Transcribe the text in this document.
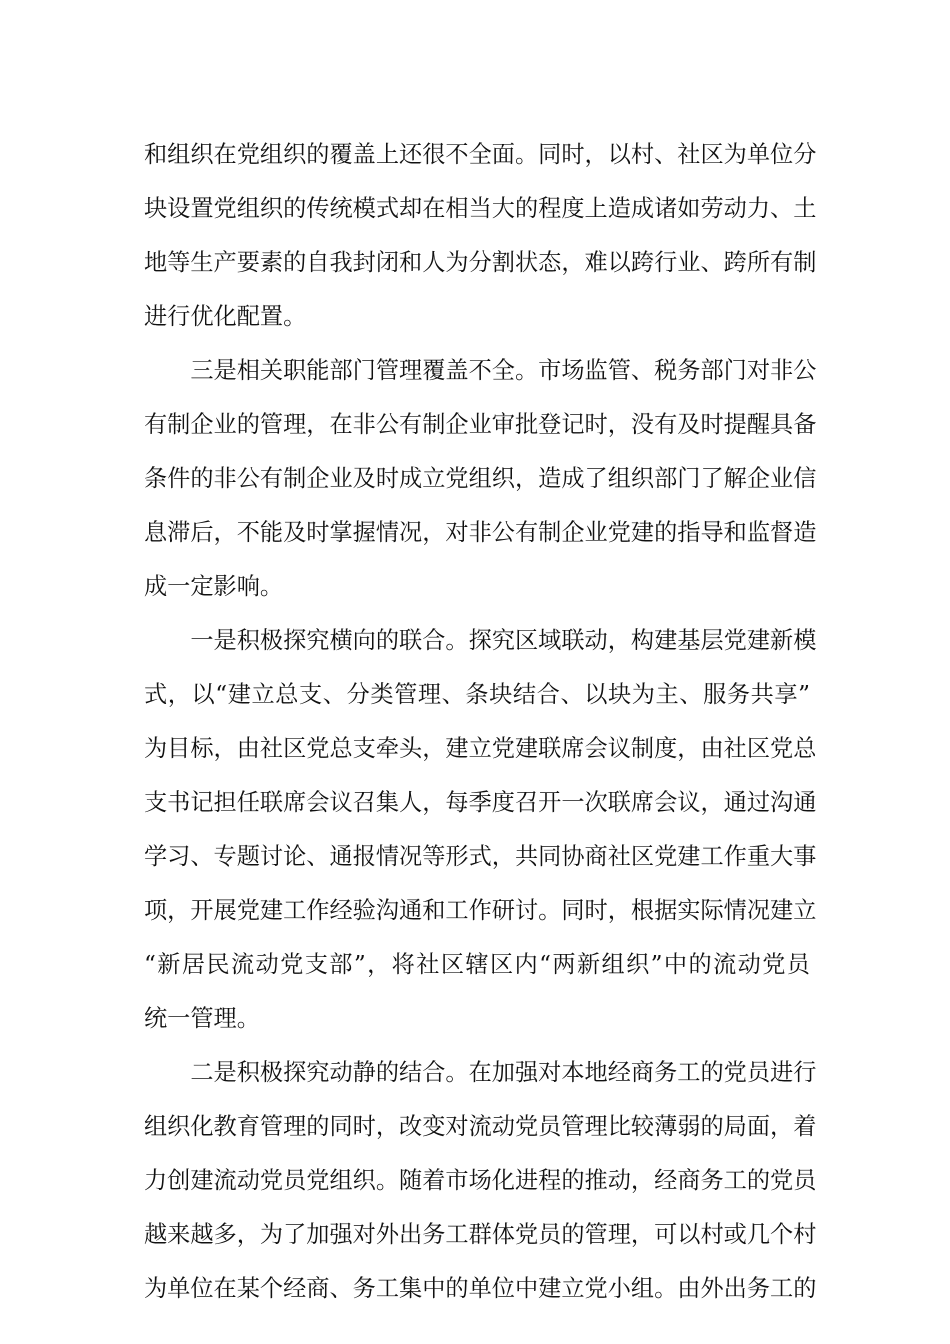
和组织在党组织的覆盖上还很不全面。同时，以村、社区为单位分
块设置党组织的传统模式却在相当大的程度上造成诸如劳动力、土
地等生产要素的自我封闭和人为分割状态，难以跨行业、跨所有制
进行优化配置。
　　三是相关职能部门管理覆盖不全。市场监管、税务部门对非公
有制企业的管理，在非公有制企业审批登记时，没有及时提醒具备
条件的非公有制企业及时成立党组织，造成了组织部门了解企业信
息滞后，不能及时掌握情况，对非公有制企业党建的指导和监督造
成一定影响。
　　一是积极探究横向的联合。探究区域联动，构建基层党建新模
式，以“建立总支、分类管理、条块结合、以块为主、服务共享”
为目标，由社区党总支牵头，建立党建联席会议制度，由社区党总
支书记担任联席会议召集人，每季度召开一次联席会议，通过沟通
学习、专题讨论、通报情况等形式，共同协商社区党建工作重大事
项，开展党建工作经验沟通和工作研讨。同时，根据实际情况建立
“新居民流动党支部”，将社区辖区内“两新组织”中的流动党员
统一管理。
　　二是积极探究动静的结合。在加强对本地经商务工的党员进行
组织化教育管理的同时，改变对流动党员管理比较薄弱的局面，着
力创建流动党员党组织。随着市场化进程的推动，经商务工的党员
越来越多，为了加强对外出务工群体党员的管理，可以村或几个村
为单位在某个经商、务工集中的单位中建立党小组。由外出务工的
